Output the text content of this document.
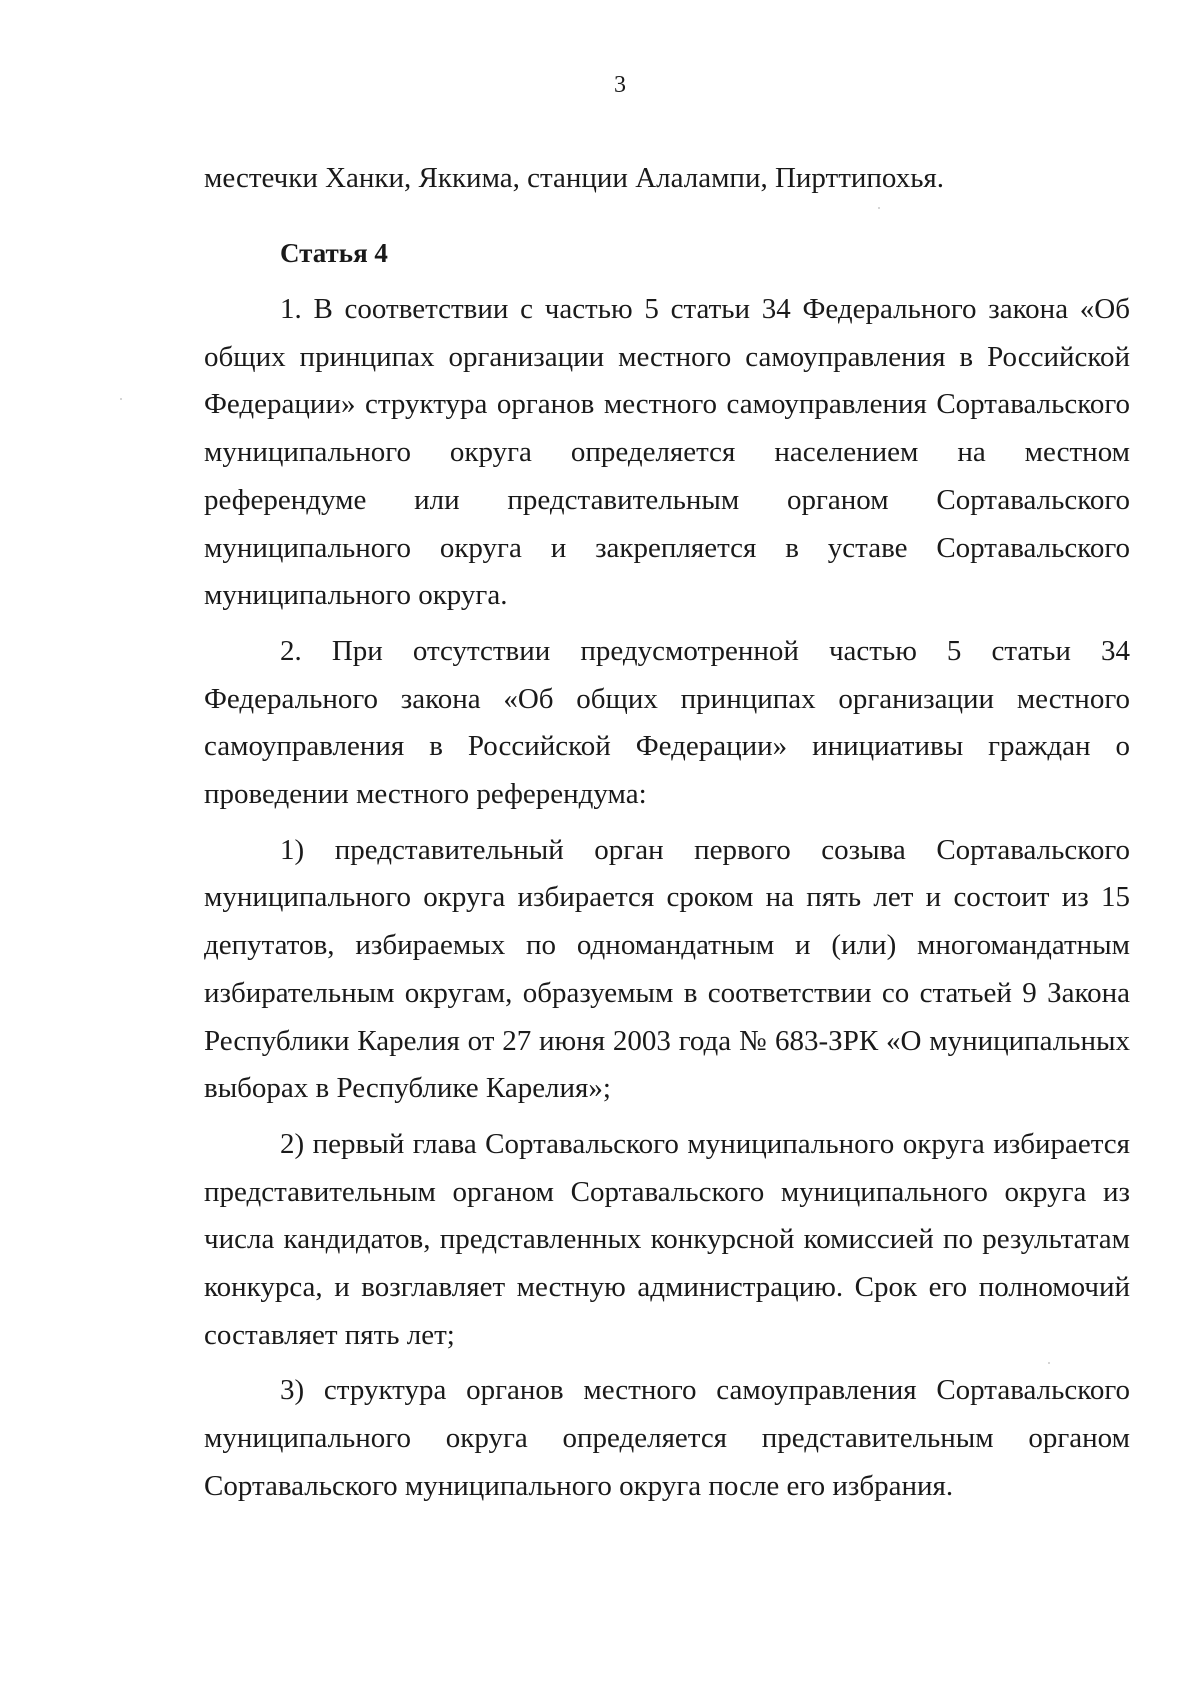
3

местечки Ханки, Яккима, станции Алалампи, Пирттипохья.

Статья 4

1. В соответствии с частью 5 статьи 34 Федерального закона «Об общих принципах организации местного самоуправления в Российской Федерации» структура органов местного самоуправления Сортавальского муниципального округа определяется населением на местном референдуме или представительным органом Сортавальского муниципального округа и закрепляется в уставе Сортавальского муниципального округа.

2. При отсутствии предусмотренной частью 5 статьи 34 Федерального закона «Об общих принципах организации местного самоуправления в Российской Федерации» инициативы граждан о проведении местного референдума:

1) представительный орган первого созыва Сортавальского муниципального округа избирается сроком на пять лет и состоит из 15 депутатов, избираемых по одномандатным и (или) многомандатным избирательным округам, образуемым в соответствии со статьей 9 Закона Республики Карелия от 27 июня 2003 года № 683-ЗРК «О муниципальных выборах в Республике Карелия»;

2) первый глава Сортавальского муниципального округа избирается представительным органом Сортавальского муниципального округа из числа кандидатов, представленных конкурсной комиссией по результатам конкурса, и возглавляет местную администрацию. Срок его полномочий составляет пять лет;

3) структура органов местного самоуправления Сортавальского муниципального округа определяется представительным органом Сортавальского муниципального округа после его избрания.
